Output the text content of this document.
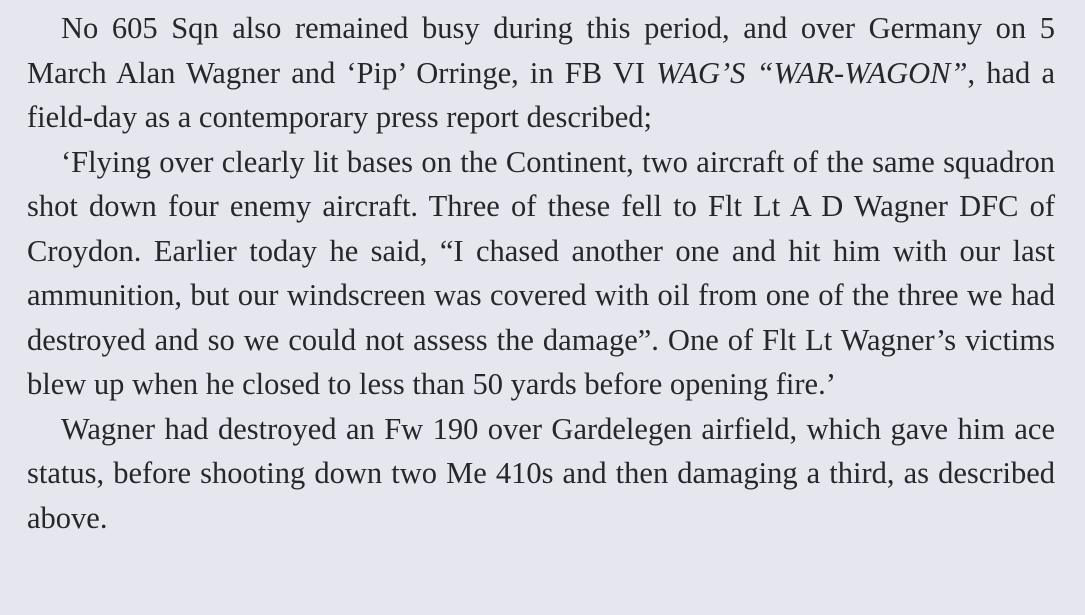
No 605 Sqn also remained busy during this period, and over Germany on 5 March Alan Wagner and ‘Pip’ Orringe, in FB VI WAG’S “WAR-WAGON”, had a field-day as a contemporary press report described;

‘Flying over clearly lit bases on the Continent, two aircraft of the same squadron shot down four enemy aircraft. Three of these fell to Flt Lt A D Wagner DFC of Croydon. Earlier today he said, “I chased another one and hit him with our last ammunition, but our windscreen was covered with oil from one of the three we had destroyed and so we could not assess the damage”. One of Flt Lt Wagner’s victims blew up when he closed to less than 50 yards before opening fire.’

Wagner had destroyed an Fw 190 over Gardelegen airfield, which gave him ace status, before shooting down two Me 410s and then damaging a third, as described above.
